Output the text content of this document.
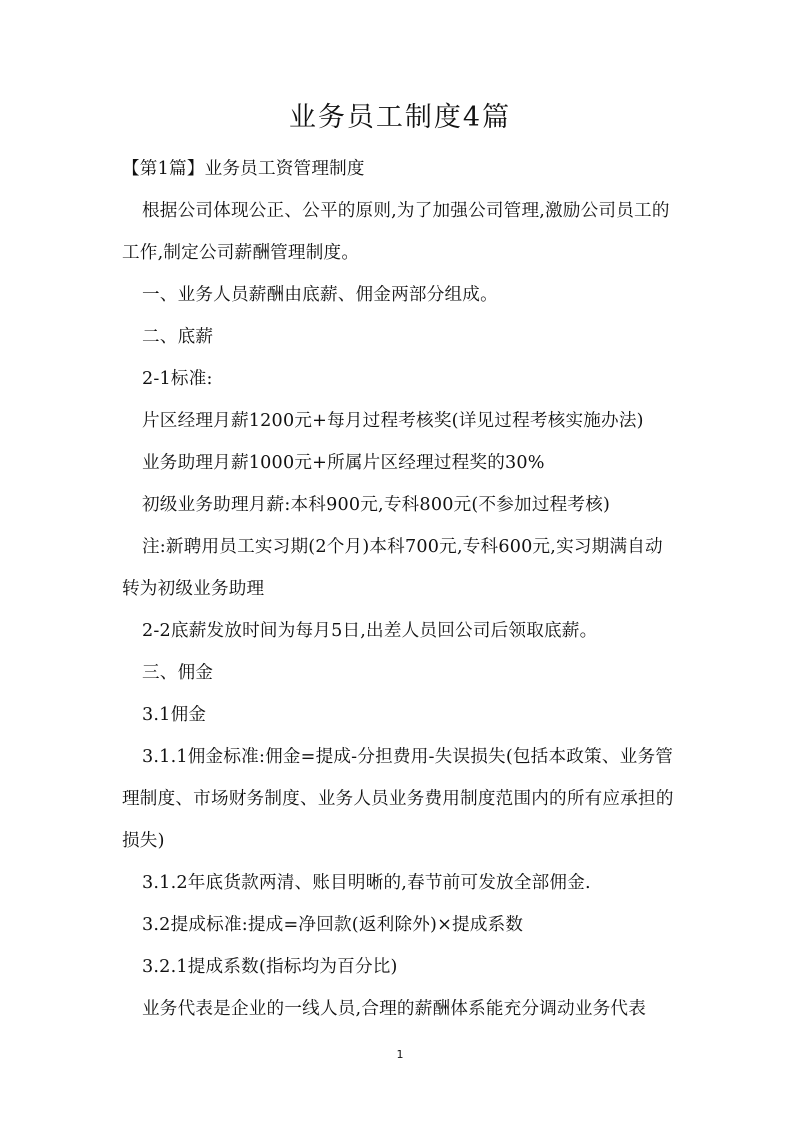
业务员工制度4篇

【第1篇】业务员工资管理制度

根据公司体现公正、公平的原则,为了加强公司管理,激励公司员工的工作,制定公司薪酬管理制度。

一、业务人员薪酬由底薪、佣金两部分组成。

二、底薪

2-1标准:

片区经理月薪1200元+每月过程考核奖(详见过程考核实施办法)

业务助理月薪1000元+所属片区经理过程奖的30%

初级业务助理月薪:本科900元,专科800元(不参加过程考核)

注:新聘用员工实习期(2个月)本科700元,专科600元,实习期满自动转为初级业务助理

2-2底薪发放时间为每月5日,出差人员回公司后领取底薪。

三、佣金

3.1佣金

3.1.1佣金标准:佣金=提成-分担费用-失误损失(包括本政策、业务管理制度、市场财务制度、业务人员业务费用制度范围内的所有应承担的损失)

3.1.2年底货款两清、账目明晰的,春节前可发放全部佣金.

3.2提成标准:提成=净回款(返利除外)×提成系数

3.2.1提成系数(指标均为百分比)

业务代表是企业的一线人员,合理的薪酬体系能充分调动业务代表

1
